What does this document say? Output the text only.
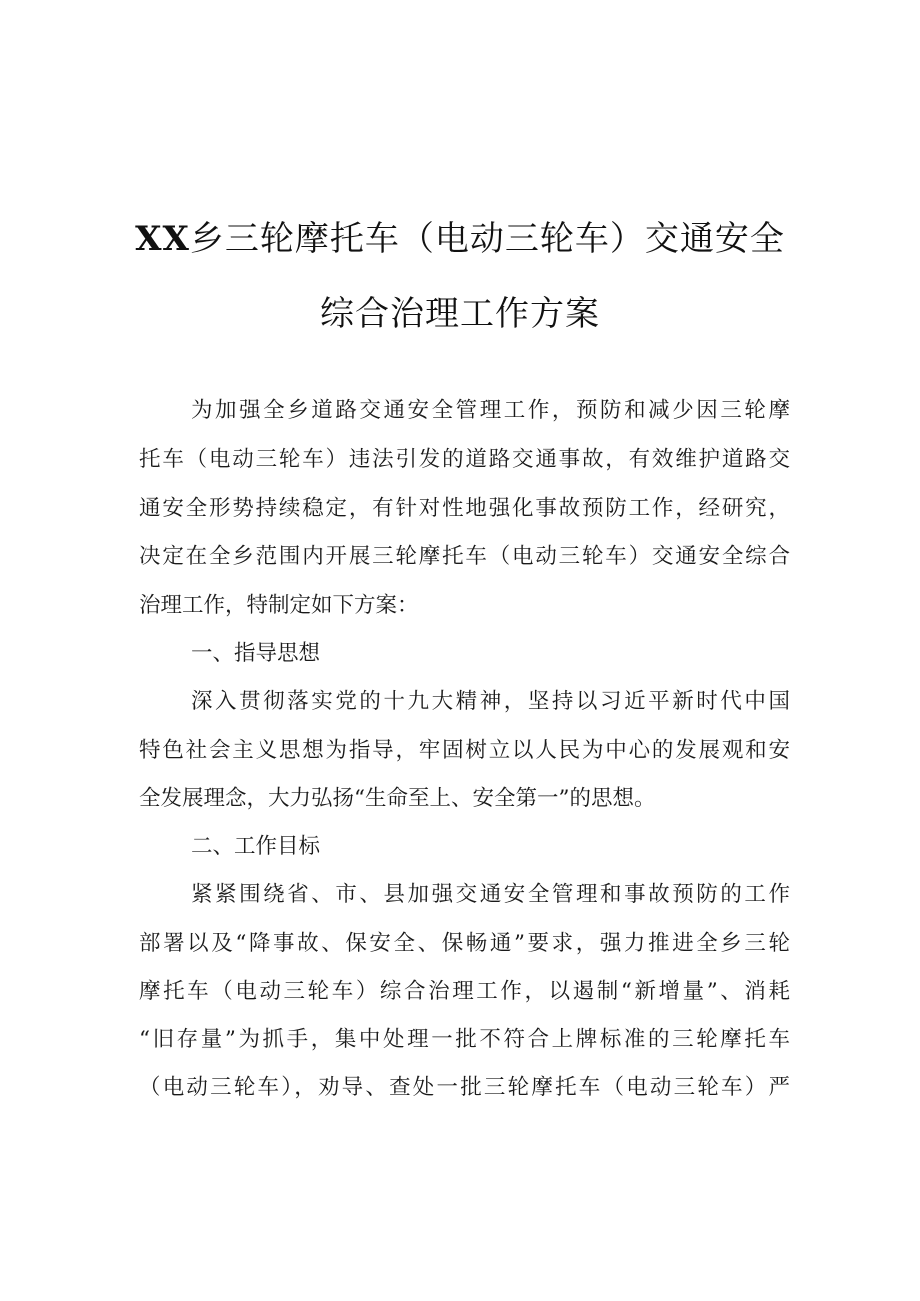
XX乡三轮摩托车（电动三轮车）交通安全
综合治理工作方案
为加强全乡道路交通安全管理工作，预防和减少因三轮摩
托车（电动三轮车）违法引发的道路交通事故，有效维护道路交
通安全形势持续稳定，有针对性地强化事故预防工作，经研究，
决定在全乡范围内开展三轮摩托车（电动三轮车）交通安全综合
治理工作，特制定如下方案：
一、指导思想
深入贯彻落实党的十九大精神，坚持以习近平新时代中国
特色社会主义思想为指导，牢固树立以人民为中心的发展观和安
全发展理念，大力弘扬“生命至上、安全第一”的思想。
二、工作目标
紧紧围绕省、市、县加强交通安全管理和事故预防的工作
部署以及“降事故、保安全、保畅通”要求，强力推进全乡三轮
摩托车（电动三轮车）综合治理工作，以遏制“新增量”、消耗
“旧存量”为抓手，集中处理一批不符合上牌标准的三轮摩托车
（电动三轮车），劝导、查处一批三轮摩托车（电动三轮车）严
